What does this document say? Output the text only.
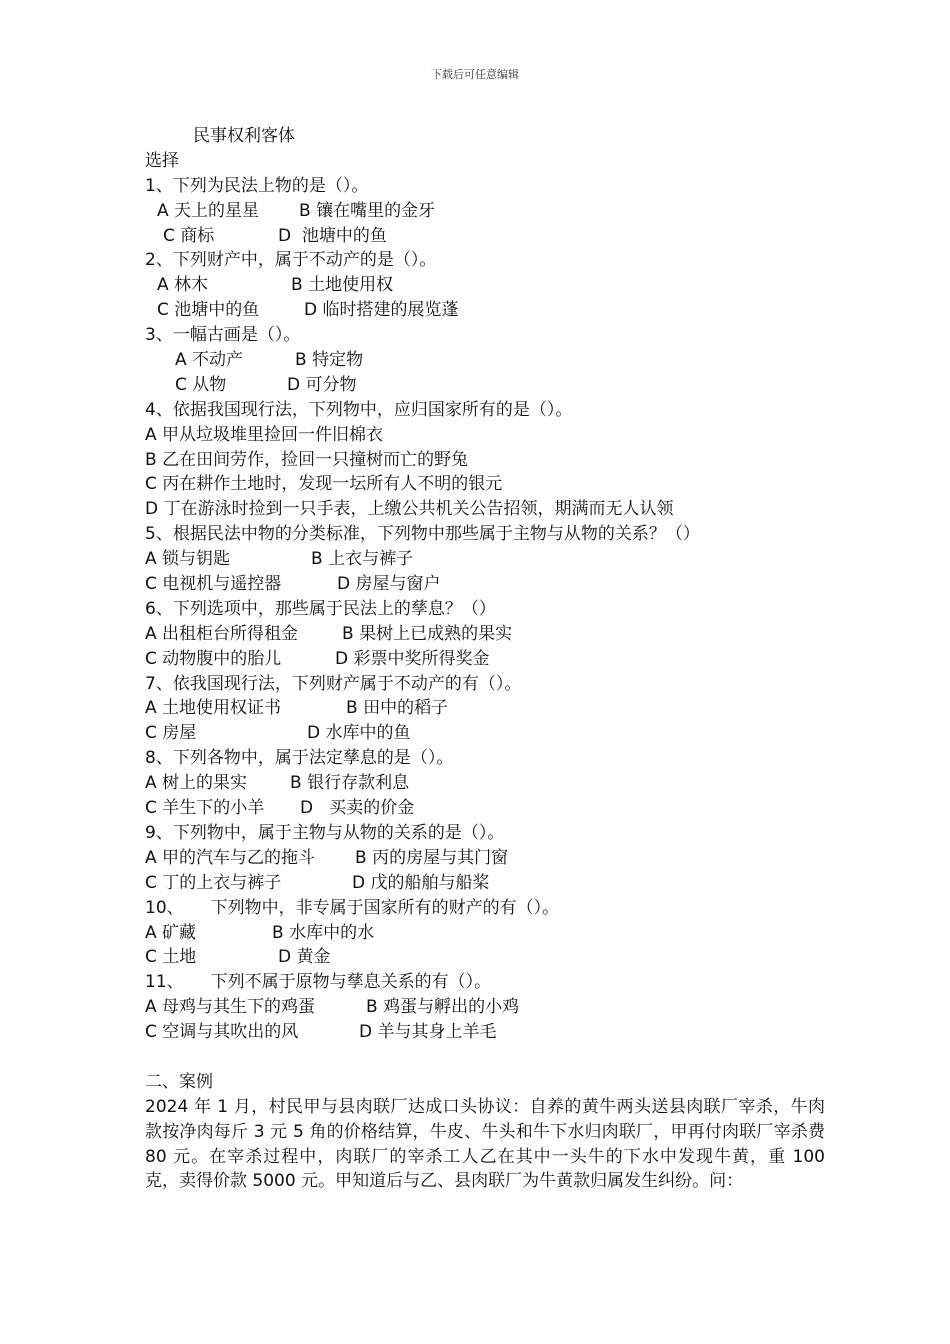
下载后可任意编辑
民事权利客体
选择
1、下列为民法上物的是（）。
A 天上的星星	B 镶在嘴里的金牙
C 商标	D  池塘中的鱼
2、下列财产中，属于不动产的是（）。
A 林木	B 土地使用权
C 池塘中的鱼	D 临时搭建的展览蓬
3、一幅古画是（）。
A 不动产	B 特定物
C 从物	D 可分物
4、依据我国现行法，下列物中，应归国家所有的是（）。
A 甲从垃圾堆里捡回一件旧棉衣
B 乙在田间劳作，捡回一只撞树而亡的野兔
C 丙在耕作土地时，发现一坛所有人不明的银元
D 丁在游泳时捡到一只手表，上缴公共机关公告招领，期满而无人认领
5、根据民法中物的分类标准，下列物中那些属于主物与从物的关系？（）
A 锁与钥匙	B 上衣与裤子
C 电视机与遥控器	D 房屋与窗户
6、下列选项中，那些属于民法上的孳息？（）
A 出租柜台所得租金	B 果树上已成熟的果实
C 动物腹中的胎儿	D 彩票中奖所得奖金
7、依我国现行法，下列财产属于不动产的有（）。
A 土地使用权证书	B 田中的稻子
C 房屋	D 水库中的鱼
8、下列各物中，属于法定孳息的是（）。
A 树上的果实	B 银行存款利息
C 羊生下的小羊	D   买卖的价金
9、下列物中，属于主物与从物的关系的是（）。
A 甲的汽车与乙的拖斗	B 丙的房屋与其门窗
C 丁的上衣与裤子	D 戊的船舶与船桨
10、     下列物中，非专属于国家所有的财产的有（）。
A 矿藏	B 水库中的水
C 土地	D 黄金
11、     下列不属于原物与孳息关系的有（）。
A 母鸡与其生下的鸡蛋	B 鸡蛋与孵出的小鸡
C 空调与其吹出的风	D 羊与其身上羊毛
二、案例

2024 年 1 月，村民甲与县肉联厂达成口头协议：自养的黄牛两头送县肉联厂宰杀，牛肉款按净肉每斤 3 元 5 角的价格结算，牛皮、牛头和牛下水归肉联厂，甲再付肉联厂宰杀费 80 元。在宰杀过程中，肉联厂的宰杀工人乙在其中一头牛的下水中发现牛黄，重 100 克，卖得价款 5000 元。甲知道后与乙、县肉联厂为牛黄款归属发生纠纷。问：
